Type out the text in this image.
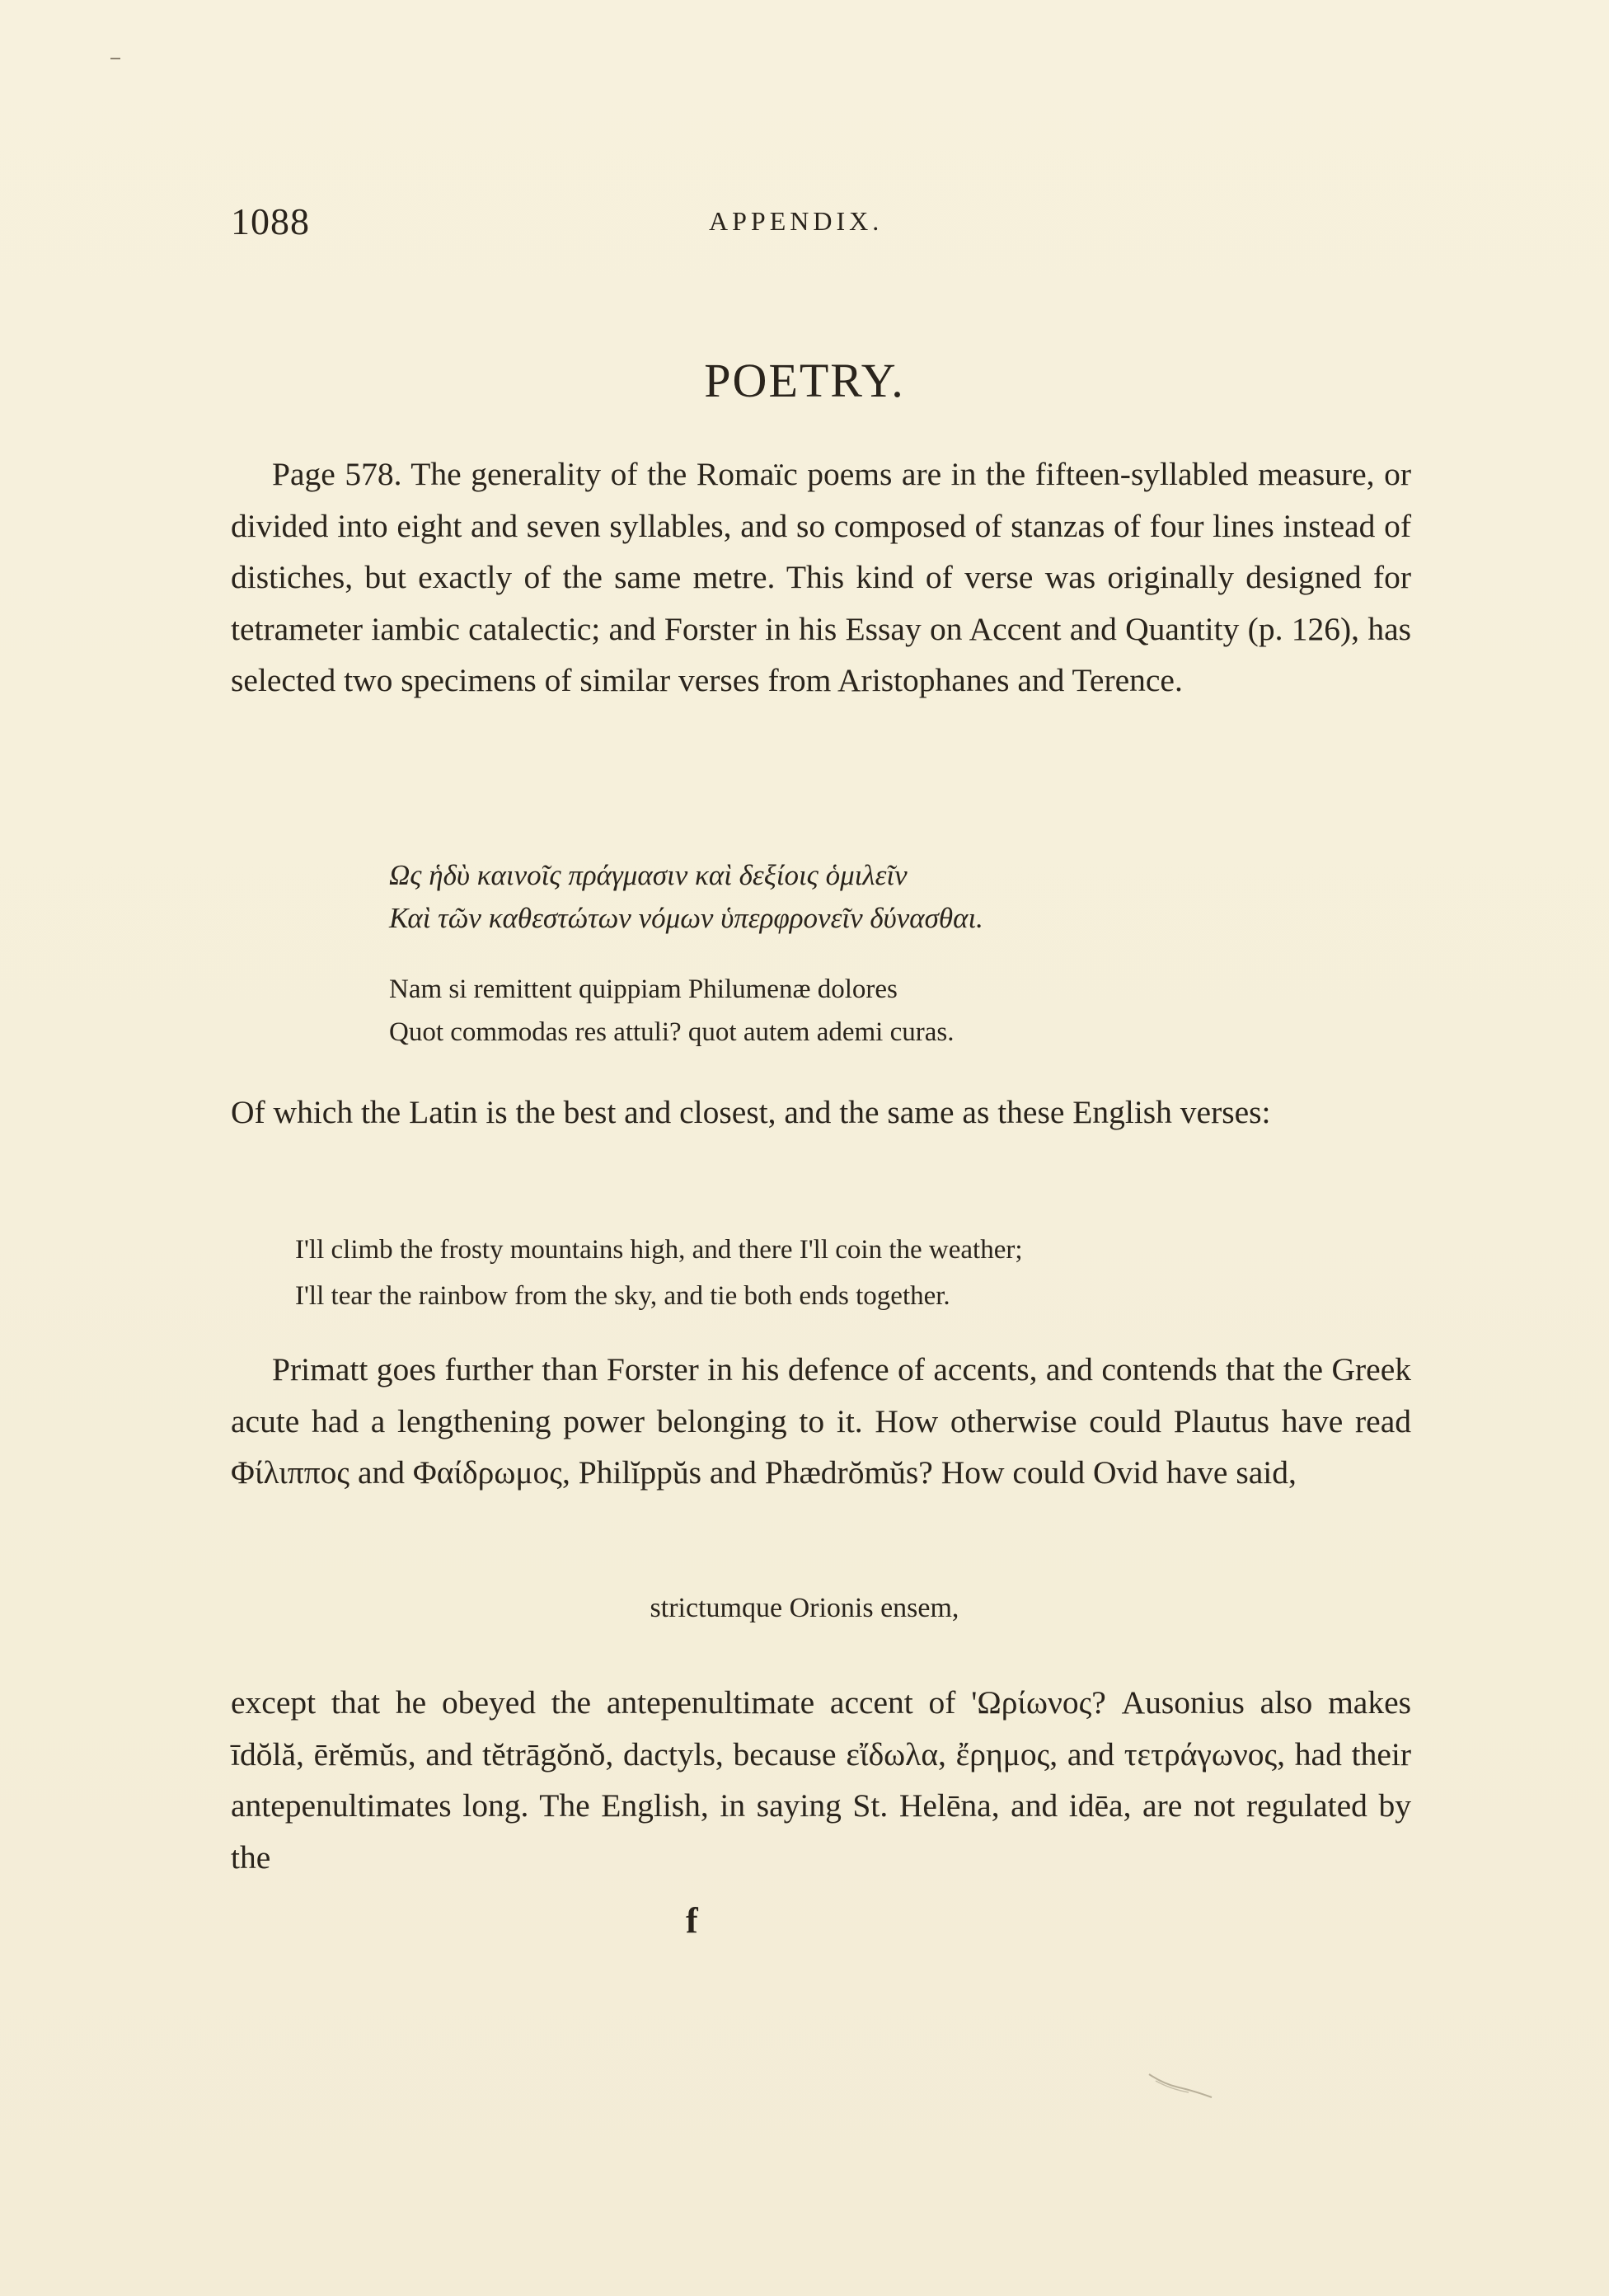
1088	APPENDIX.
POETRY.

Page 578. The generality of the Romaïc poems are in the fifteen-syllabled measure, or divided into eight and seven syllables, and so composed of stanzas of four lines instead of distiches, but exactly of the same metre. This kind of verse was originally designed for tetrameter iambic catalectic; and Forster in his Essay on Accent and Quantity (p. 126), has selected two specimens of similar verses from Aristophanes and Terence.

Ως ἡδὺ καινοῖς πράγμασιν καὶ δεξίοις ὁμιλεῖν
Καὶ τῶν καθεστώτων νόμων ὑπερφρονεῖν δύνασθαι.
Nam si remittent quippiam Philumenæ dolores
Quot commodas res attuli? quot autem ademi curas.

Of which the Latin is the best and closest, and the same as these English verses:

I'll climb the frosty mountains high, and there I'll coin the weather;
I'll tear the rainbow from the sky, and tie both ends together.

Primatt goes further than Forster in his defence of accents, and contends that the Greek acute had a lengthening power belonging to it. How otherwise could Plautus have read Φίλιππος and Φαίδρωμος, Philĭppŭs and Phædrŏmŭs? How could Ovid have said,

strictumque Orionis ensem,

except that he obeyed the antepenultimate accent of 'Ωρίωνος? Ausonius also makes īdŏlă, ērĕmŭs, and tĕtrāgŏnŏ, dactyls, because εἴδωλα, ἔρημος, and τετράγωνος, had their antepenultimates long. The English, in saying St. Helēna, and idēa, are not regulated by the

f
